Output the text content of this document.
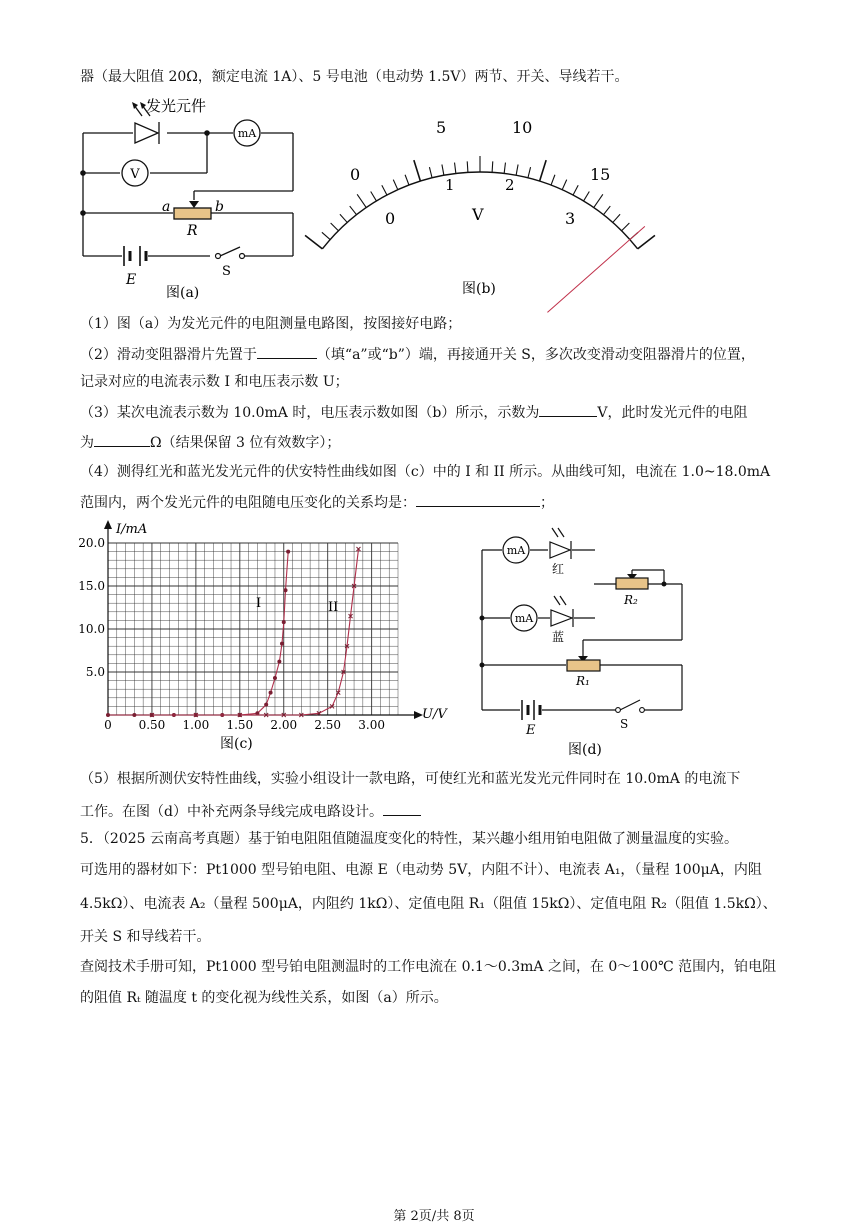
器（最大阻值 20Ω，额定电流 1A）、5 号电池（电动势 1.5V）两节、开关、导线若干。
发光元件
mA
V
a	b
R
E
S
图(a)
5	10
0	15
1	2
0	3
V
图(b)
（1）图（a）为发光元件的电阻测量电路图，按图接好电路；
（2）滑动变阻器滑片先置于	（填“a”或“b”）端，再接通开关 S，多次改变滑动变阻器滑片的位置，
记录对应的电流表示数 I 和电压表示数 U；
（3）某次电流表示数为 10.0mA 时，电压表示数如图（b）所示，示数为	V，此时发光元件的电阻
为	Ω（结果保留 3 位有效数字）；
（4）测得红光和蓝光发光元件的伏安特性曲线如图（c）中的 I 和 II 所示。从曲线可知，电流在 1.0~18.0mA
范围内，两个发光元件的电阻随电压变化的关系均是：	；
I/mA
U/V
0 0.50 1.00 1.50 2.00 2.50 3.00
5.0
10.0
15.0
20.0
I	II
图(c)
mA
mA
红
蓝
R₂
R₁
E	S
图(d)
（5）根据所测伏安特性曲线，实验小组设计一款电路，可使红光和蓝光发光元件同时在 10.0mA 的电流下
工作。在图（d）中补充两条导线完成电路设计。
5．（2025 云南高考真题）基于铂电阻阻值随温度变化的特性，某兴趣小组用铂电阻做了测量温度的实验。
可选用的器材如下：Pt1000 型号铂电阻、电源 E（电动势 5V，内阻不计）、电流表 A₁，（量程 100μA，内阻
4.5kΩ）、电流表 A₂（量程 500μA，内阻约 1kΩ）、定值电阻 R₁（阻值 15kΩ）、定值电阻 R₂（阻值 1.5kΩ）、
开关 S 和导线若干。
查阅技术手册可知，Pt1000 型号铂电阻测温时的工作电流在 0.1～0.3mA 之间，在 0～100℃ 范围内，铂电阻
的阻值 Rₜ 随温度 t 的变化视为线性关系，如图（a）所示。
第 2页/共 8页
